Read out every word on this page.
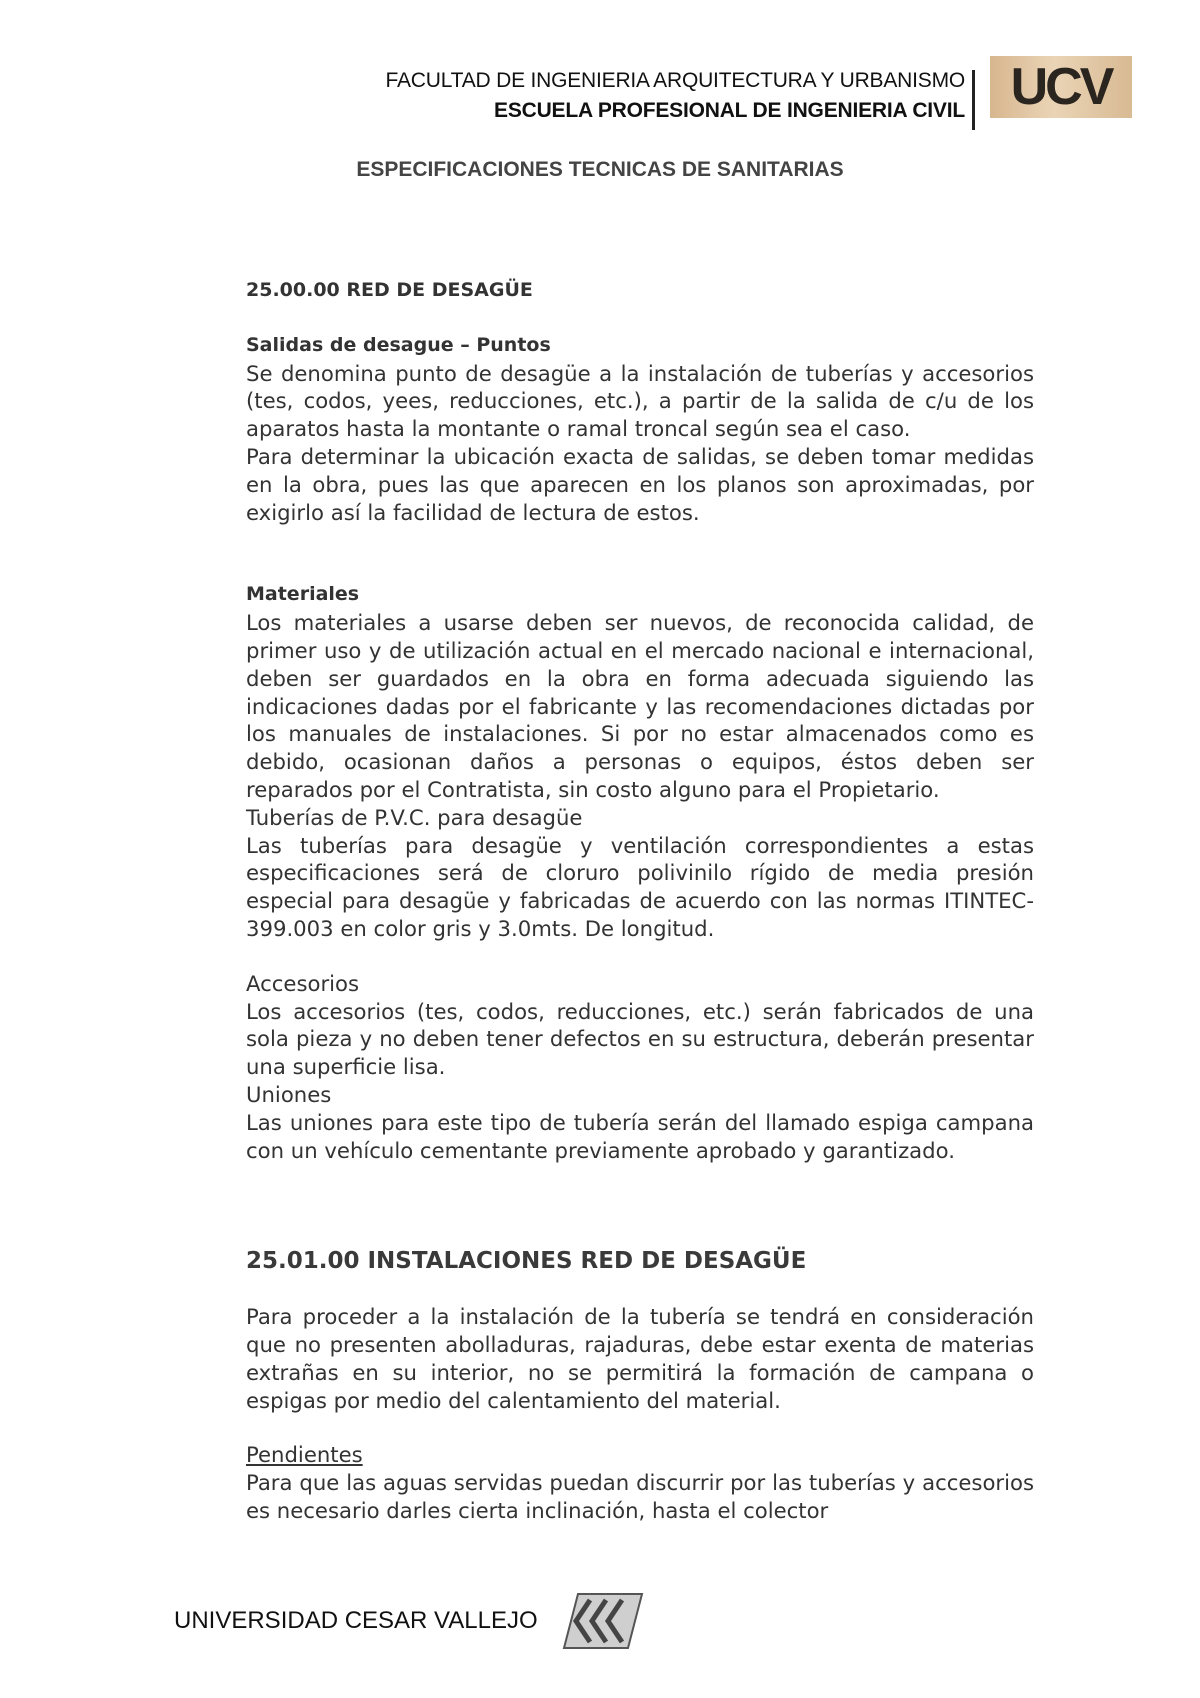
FACULTAD DE INGENIERIA ARQUITECTURA Y URBANISMO
ESCUELA PROFESIONAL DE INGENIERIA CIVIL UCV
ESPECIFICACIONES TECNICAS DE SANITARIAS

25.00.00 RED DE DESAGÜE

Salidas de desague – Puntos

Se denomina punto de desagüe a la instalación de tuberías y accesorios (tes, codos, yees, reducciones, etc.), a partir de la salida de c/u de los aparatos hasta la montante o ramal troncal según sea el caso.

Para determinar la ubicación exacta de salidas, se deben tomar medidas en la obra, pues las que aparecen en los planos son aproximadas, por exigirlo así la facilidad de lectura de estos.

Materiales

Los materiales a usarse deben ser nuevos, de reconocida calidad, de primer uso y de utilización actual en el mercado nacional e internacional, deben ser guardados en la obra en forma adecuada siguiendo las indicaciones dadas por el fabricante y las recomendaciones dictadas por los manuales de instalaciones. Si por no estar almacenados como es debido, ocasionan daños a personas o equipos, éstos deben ser reparados por el Contratista, sin costo alguno para el Propietario.

Tuberías de P.V.C. para desagüe

Las tuberías para desagüe y ventilación correspondientes a estas especificaciones será de cloruro polivinilo rígido de media presión especial para desagüe y fabricadas de acuerdo con las normas ITINTEC-399.003 en color gris y 3.0mts. De longitud.

Accesorios

Los accesorios (tes, codos, reducciones, etc.) serán fabricados de una sola pieza y no deben tener defectos en su estructura, deberán presentar una superficie lisa.

Uniones

Las uniones para este tipo de tubería serán del llamado espiga campana con un vehículo cementante previamente aprobado y garantizado.

25.01.00 INSTALACIONES RED DE DESAGÜE

Para proceder a la instalación de la tubería se tendrá en consideración que no presenten abolladuras, rajaduras, debe estar exenta de materias extrañas en su interior, no se permitirá la formación de campana o espigas por medio del calentamiento del material.

Pendientes

Para que las aguas servidas puedan discurrir por las tuberías y accesorios es necesario darles cierta inclinación, hasta el colector

UNIVERSIDAD CESAR VALLEJO
